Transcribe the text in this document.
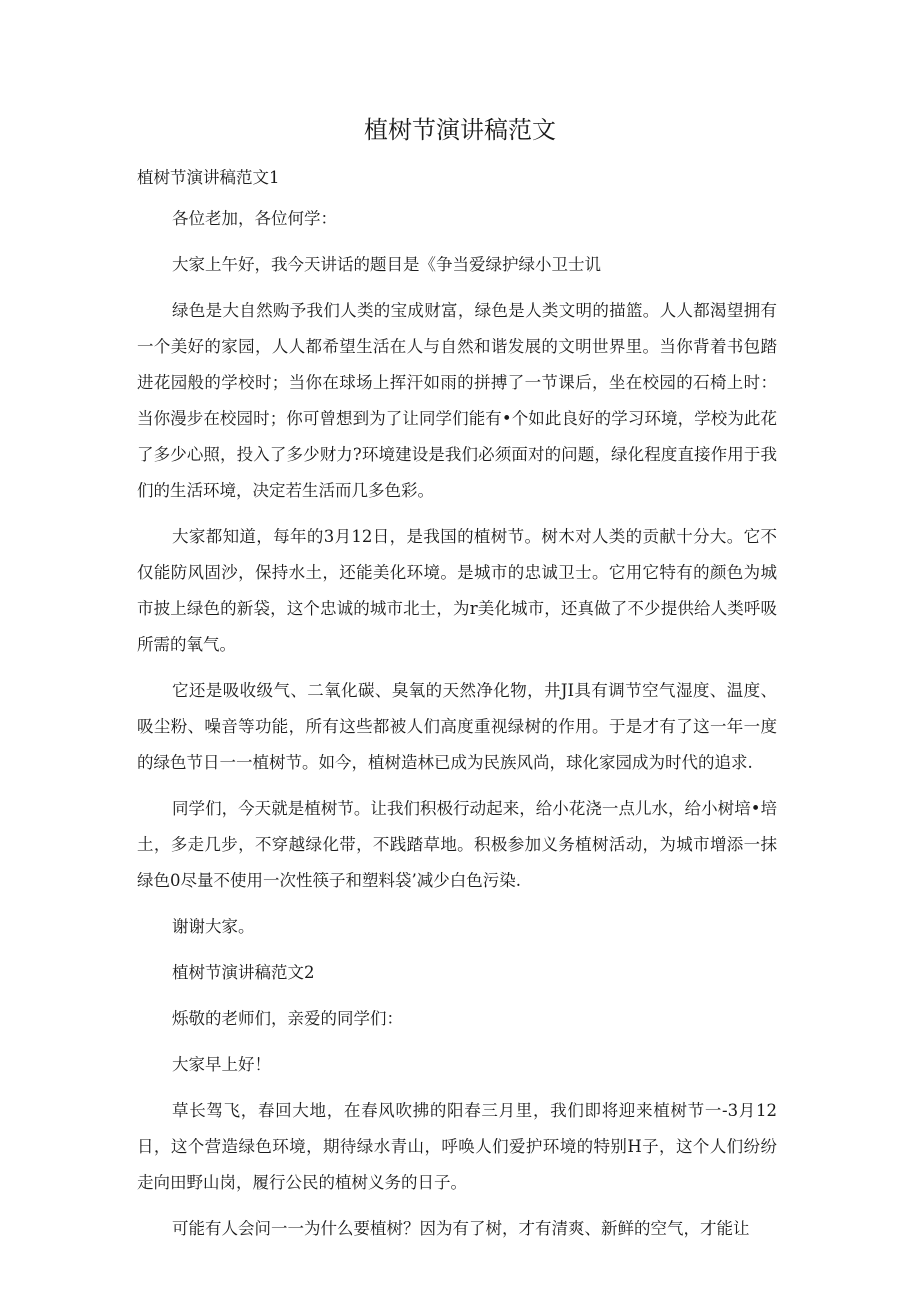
植树节演讲稿范文

植树节演讲稿范文1

各位老加，各位何学：

大家上午好，我今天讲话的题目是《争当爱绿护绿小卫士讥

绿色是大自然购予我们人类的宝成财富，绿色是人类文明的描篮。人人都渴望拥有一个美好的家园，人人都希望生活在人与自然和谐发展的文明世界里。当你背着书包踏进花园般的学校时；当你在球场上挥汗如雨的拼搏了一节课后，坐在校园的石椅上时：当你漫步在校园时；你可曾想到为了让同学们能有•个如此良好的学习环境，学校为此花了多少心照，投入了多少财力?环境建设是我们必须面对的问题，绿化程度直接作用于我们的生活环境，决定若生活而几多色彩。

大家都知道，每年的3月12日，是我国的植树节。树木对人类的贡献十分大。它不仅能防风固沙，保持水土，还能美化环境。是城市的忠诚卫士。它用它特有的颜色为城市披上绿色的新袋，这个忠诚的城市北士，为r美化城市，还真做了不少提供给人类呼吸所需的氧气。

它还是吸收级气、二氧化碳、臭氧的天然净化物，井JI具有调节空气湿度、温度、吸尘粉、噪音等功能，所有这些都被人们高度重视绿树的作用。于是才有了这一年一度的绿色节日一一植树节。如今，植树造林已成为民族风尚，球化家园成为时代的追求.

同学们，今天就是植树节。让我们积极行动起来，给小花浇一点儿水，给小树培•培土，多走几步，不穿越绿化带，不践踏草地。积极参加义务植树活动，为城市增添一抹绿色0尽量不使用一次性筷子和塑料袋’减少白色污染.

谢谢大家。

植树节演讲稿范文2

烁敬的老师们，亲爱的同学们：

大家早上好！

草长驾飞，春回大地，在春风吹拂的阳春三月里，我们即将迎来植树节一-3月12日，这个营造绿色环境，期待绿水青山，呼唤人们爱护环境的特别H子，这个人们纷纷走向田野山岗，履行公民的植树义务的日子。

可能有人会问一一为什么要植树？因为有了树，才有清爽、新鲜的空气，才能让
